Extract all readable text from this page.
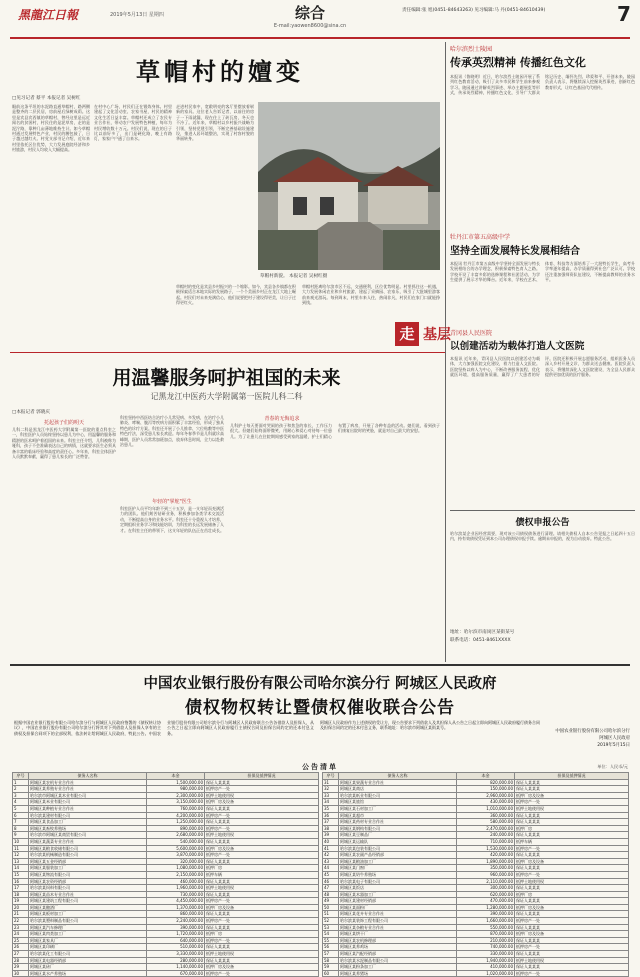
黑龍江日報	2019年5月13日 星期四	综合
E-mail:yaowen8600@sina.cn
责任编辑:张 旭(0451-84643263) 见习编辑:马 丹(0451-84610439)	7
草帽村的嬗变
□见习记者 蔡平 本报记者 吴树红
眼前这条平坦的水泥路直通草帽村，路两侧是整齐的二层民居，房前屋后绿树成荫。这里是宾县宾西镇的草帽村，曾经这里是远近闻名的贫困村，村民住的是泥草房，走的是泥泞路，靠种几亩薄地维持生计。如今草帽村通过发展特色产业，村民的腰包鼓了，日子越过越红火。村党支部书记介绍，近年来村里依托区位优势，大力发展庭院经济和乡村旅游，村民人均收入大幅提高。
在村中心广场，村民们正在锻炼身体。村里建起了文化活动室、农家书屋，村民的精神文化生活日益丰富。草帽村还成立了农民专业合作社，带动农户发展特色种植，每年为村民增收数十万元。村民们说，现在的日子比以前好多了，出门是硬化路，晚上有路灯，家家户户通了自来水。
走进村民家中，宽敞明亮的客厅里摆放着崭新的家具。这位老人告诉记者，以前住的房子一下雨就漏，现在住上了砖瓦房，冬天也不冷了。近年来，草帽村以乡村振兴战略为引领，坚持党建引领，不断完善基础设施建设，推进人居环境整治，实现了村容村貌的华丽转身。
草帽村新貌。 本报记者 吴树红摄
草帽村的变化是宾县乡村振兴的一个缩影。如今，宾县各乡镇都在积极探索适合本地实际的发展路子，一个个美丽乡村正在龙江大地上崛起。村民们对未来充满信心，他们说要把村子建设得更美，让日子过得更红火。
草帽村距离哈尔滨市区不远，交通便利，区位优势明显。村里抓住这一机遇，大力发展休闲农业和乡村旅游，建起了采摘园、农家乐，吸引了大批城里游客前来观光游玩。每到周末，村里车来人往，热闹非凡，村民们在家门口就能挣到钱。
哈尔滨烈士陵园
传承英烈精神 传播红色文化
本报讯（鲁晓明）近日，哈尔滨烈士陵园开展了系列红色教育活动，吸引了众多市民和学生前来参观学习。陵园通过讲解英烈事迹、举办主题展览等形式，传承英烈精神，传播红色文化，引导广大群众铭记历史、缅怀先烈、珍爱和平、开创未来。陵园负责人表示，将继续深入挖掘英烈事迹，创新红色教育形式，让红色基因代代相传。
牡丹江市第五高级中学
坚持全面发展特长发展相结合
本报讯 牡丹江市第五高级中学坚持全面发展与特长发展相结合的办学理念，积极探索特色育人之路。学校开设了丰富多彩的选修课程和社团活动，为学生提供了展示才华的舞台。近年来，学校在艺术、体育、科技等方面培养了一大批特长学生，高考升学率逐年提高，办学质量得到社会广泛认可。学校还注重加强师资队伍建设，不断提高教师的业务水平。
走 基层
用温馨服务呵护祖国的未来
记黑龙江中医药大学附属第一医院儿科二科
□本报记者 郭晓庆
托起孩子们的明天
儿科二科是黑龙江中医药大学附属第一医院的重点科室之一，科室医护人员始终坚持以患儿为中心，用温馨的服务和精湛的医术呵护着祖国的未来。科室主任介绍，儿科被称为哑科，孩子不会准确表达自己的病情，这就要求医生必须具备丰富的临床经验和高度的责任心。多年来，科室全体医护人员默默奉献，赢得了患儿家长的广泛赞誉。
科室坚持中西医结合治疗小儿常见病、多发病，在治疗小儿肺炎、哮喘、腹泻等疾病方面积累了丰富经验，形成了独具特色的诊疗方案。科室还开展了小儿推拿、穴位贴敷等中医特色疗法，深受患儿家长欢迎。每年冬春季节是儿科就诊高峰期，医护人员常常加班加点，放弃休息时间，全力以赴救治患儿。
年轻的"掌舵"医生
科室医护人员平均年龄不到三十五岁，是一支年轻而充满活力的团队。他们刻苦钻研业务，积极参加各类学术交流活动，不断提高自身的业务水平。科室还十分重视人才培养，定期组织业务学习和技能培训，为科室的长远发展储备了人才。在科室主任的带领下，这支年轻的队伍正在茁壮成长。
青春的无悔追求
儿科护士每天要面对哭闹的孩子和焦急的家长，工作压力很大。但她们始终面带微笑，用耐心和爱心对待每一位患儿。为了让患儿在住院期间感受到家的温暖，护士们精心布置了病房，开展了各种有益的活动。她们说，看到孩子们康复出院时的笑脸，就是对自己最大的安慰。
青冈县人民医院
以创建活动为载体打造人文医院
本报讯 近年来，青冈县人民医院以创建活动为载体，大力加强医院文化建设，着力打造人文医院。医院坚持以病人为中心，不断改善服务流程，优化就医环境，提高服务质量，赢得了广大患者的好评。医院还积极开展志愿服务活动，组织医务人员深入乡村开展义诊，为群众送去健康。医院负责人表示，将继续深化人文医院建设，为全县人民群众提供更加优质的医疗服务。
债权申报公告
哈尔滨某企业因经营需要，现对该公司债权债务进行清理。请相关债权人自本公告见报之日起四十五日内，持有效债权凭证到本公司办理债权申报手续。逾期未申报的，视为自动放弃。特此公告。
地址：哈尔滨市南岗区某街某号
联系电话：0451-8461XXXX
中国农业银行股份有限公司哈尔滨分行 阿城区人民政府
债权物权转让暨债权催收联合公告
根据中国农业银行股份有限公司哈尔滨分行与阿城区人民政府签署的《债权转让协议》，中国农业银行股份有限公司哈尔滨分行将其对下列借款人及担保人享有的主债权及担保合同项下的全部权利，依法转让给阿城区人民政府，特此公告。中国农业银行股份有限公司哈尔滨分行与阿城区人民政府联合公告各借款人及担保人，从公告之日起立即向阿城区人民政府履行主债权合同及担保合同约定的还本付息义务。
阿城区人民政府作为上述债权的受让方，现公告要求下列借款人及其担保人从公告之日起立即向阿城区人民政府履行债务合同及担保合同约定的还本付息义务，联系地址：哈尔滨市阿城区某街某号。
中国农业银行股份有限公司哈尔滨分行
阿城区人民政府
2019年5月15日
公告清单	单位：人民币/元
序号	债务人名称	本金	担保及抵押情况
1	阿城区某农机专业合作社	1,500,000.00	保证人某某某
2	阿城区某养殖专业合作社	980,000.00	抵押房产一处
3	哈尔滨市阿城区某木业有限公司	2,300,000.00	抵押土地使用权
4	阿城区某米业有限公司	3,150,000.00	抵押厂房及设备
5	阿城区某种植专业合作社	760,000.00	保证人某某某
6	哈尔滨某建材有限公司	4,200,000.00	抵押房产一处
7	阿城区某食品加工厂	1,250,000.00	保证人某某某
8	阿城区某畜牧养殖场	890,000.00	抵押房产一处
9	哈尔滨市阿城区某商贸有限公司	2,680,000.00	抵押土地使用权
10	阿城区某蔬菜专业合作社	540,000.00	保证人某某某
11	阿城区某粮食收储有限公司	5,600,000.00	抵押厂房及设备
12	哈尔滨某机械制造有限公司	3,870,000.00	抵押房产一处
13	阿城区某五金经销部	320,000.00	保证人某某某
14	阿城区某服装加工厂	1,080,000.00	抵押厂房
15	阿城区某物流有限公司	2,150,000.00	抵押车辆
16	阿城区某农资经销部	460,000.00	保证人某某某
17	哈尔滨某饲料有限公司	1,960,000.00	抵押土地使用权
18	阿城区某苗木专业合作社	730,000.00	保证人某某某
19	阿城区某建筑工程有限公司	4,450,000.00	抵押房产一处
20	阿城区某酿酒厂	1,370,000.00	抵押厂房及设备
21	阿城区某板材加工厂	860,000.00	保证人某某某
22	哈尔滨某塑料制品有限公司	2,240,000.00	抵押房产一处
23	阿城区某汽车修理厂	390,000.00	保证人某某某
24	阿城区某肉类加工厂	1,720,000.00	抵押厂房
25	阿城区某家具厂	640,000.00	抵押房产一处
26	阿城区某印刷厂	510,000.00	保证人某某某
27	哈尔滨某化工有限公司	3,330,000.00	抵押土地使用权
28	阿城区某电器经销部	280,000.00	保证人某某某
29	阿城区某砖厂	1,140,000.00	抵押厂房及设备
30	阿城区某水产养殖场	670,000.00	抵押房产一处
序号	债务人名称	本金	担保及抵押情况
31	阿城区某果蔬专业合作社	820,000.00	保证人某某某
32	阿城区某商店	150,000.00	保证人某某某
33	哈尔滨某纸业有限公司	2,960,000.00	抵押厂房及设备
34	阿城区某旅馆	430,000.00	抵押房产一处
35	阿城区某石材加工厂	1,010,000.00	抵押土地使用权
36	阿城区某超市	360,000.00	保证人某某某
37	阿城区某药材专业合作社	580,000.00	保证人某某某
38	阿城区某钢构有限公司	2,470,000.00	抵押厂房
39	阿城区某豆制品厂	240,000.00	保证人某某某
40	阿城区某运输队	710,000.00	抵押车辆
41	哈尔滨某包装有限公司	1,530,000.00	抵押房产一处
42	阿城区某农副产品经销部	420,000.00	保证人某某某
43	阿城区某粮油加工厂	1,890,000.00	抵押厂房及设备
44	阿城区某门窗厂	350,000.00	保证人某某某
45	阿城区某奶牛养殖场	960,000.00	抵押房产一处
46	哈尔滨某电子有限公司	2,110,000.00	抵押土地使用权
47	阿城区某饭店	300,000.00	保证人某某某
48	阿城区某木器加工厂	620,000.00	抵押厂房
49	阿城区某建材经销部	470,000.00	保证人某某某
50	阿城区某面粉厂	1,280,000.00	抵押厂房及设备
51	阿城区某花卉专业合作社	390,000.00	保证人某某某
52	哈尔滨某装饰工程有限公司	1,660,000.00	抵押房产一处
53	阿城区某杂粮专业合作社	550,000.00	保证人某某某
54	阿城区某烘干厂	870,000.00	抵押厂房及设备
55	阿城区某农机修理部	210,000.00	保证人某某某
56	阿城区某养鸡场	740,000.00	抵押房产一处
57	阿城区某汽配经销部	330,000.00	保证人某某某
58	哈尔滨某水泥制品有限公司	1,940,000.00	抵押土地使用权
59	阿城区某粉条加工厂	410,000.00	保证人某某某
60	阿城区某养猪场	1,020,000.00	抵押房产一处
